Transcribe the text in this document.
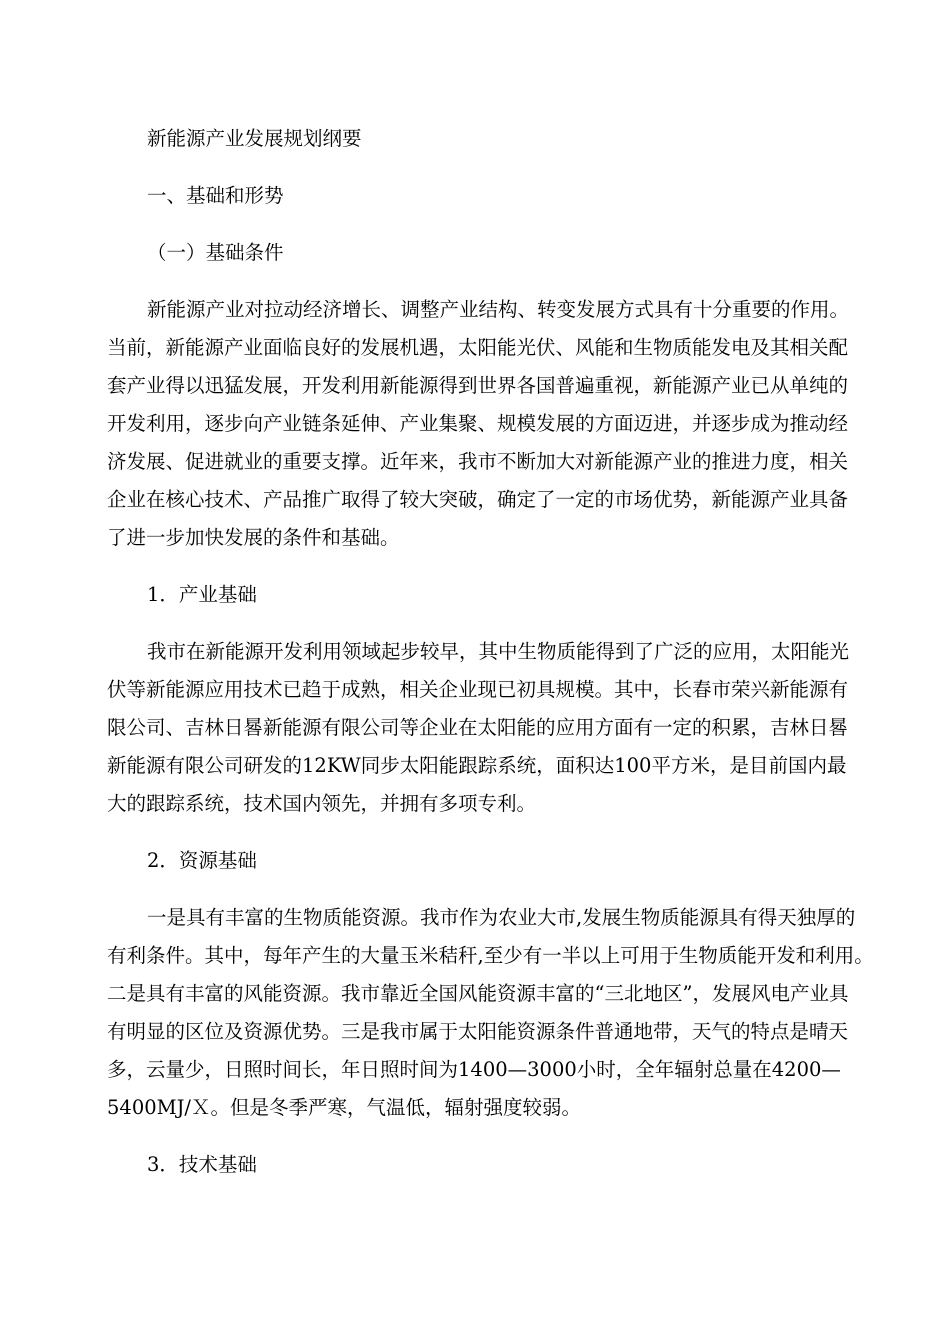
新能源产业发展规划纲要
一、基础和形势
（一）基础条件
新能源产业对拉动经济增长、调整产业结构、转变发展方式具有十分重要的作用。
当前，新能源产业面临良好的发展机遇，太阳能光伏、风能和生物质能发电及其相关配
套产业得以迅猛发展，开发利用新能源得到世界各国普遍重视，新能源产业已从单纯的
开发利用，逐步向产业链条延伸、产业集聚、规模发展的方面迈进，并逐步成为推动经
济发展、促进就业的重要支撑。近年来，我市不断加大对新能源产业的推进力度，相关
企业在核心技术、产品推广取得了较大突破，确定了一定的市场优势，新能源产业具备
了进一步加快发展的条件和基础。
1．产业基础
我市在新能源开发利用领域起步较早，其中生物质能得到了广泛的应用，太阳能光
伏等新能源应用技术已趋于成熟，相关企业现已初具规模。其中，长春市荣兴新能源有
限公司、吉林日晷新能源有限公司等企业在太阳能的应用方面有一定的积累，吉林日晷
新能源有限公司研发的12KW同步太阳能跟踪系统，面积达100平方米，是目前国内最
大的跟踪系统，技术国内领先，并拥有多项专利。
2．资源基础
一是具有丰富的生物质能资源。我市作为农业大市,发展生物质能源具有得天独厚的
有利条件。其中，每年产生的大量玉米秸秆,至少有一半以上可用于生物质能开发和利用。
二是具有丰富的风能资源。我市靠近全国风能资源丰富的“三北地区”，发展风电产业具
有明显的区位及资源优势。三是我市属于太阳能资源条件普通地带，天气的特点是晴天
多，云量少，日照时间长，年日照时间为1400—3000小时，全年辐射总量在4200—
5400MJ/Ｘ。但是冬季严寒，气温低，辐射强度较弱。
3．技术基础
